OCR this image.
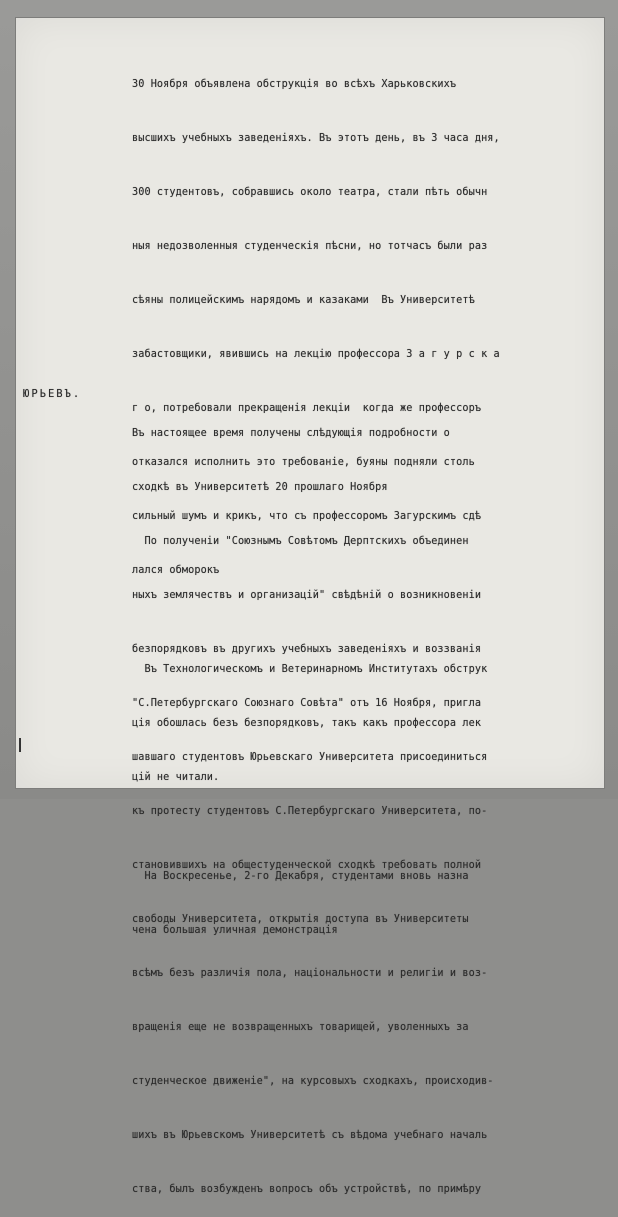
30 Ноября объявлена обструкція во всѣхъ Харьковскихъ

высшихъ учебныхъ заведеніяхъ. Въ этотъ день, въ 3 часа дня,

300 студентовъ, собравшись около театра, стали пѣть обычн

ныя недозволенныя студенческія пѣсни, но тотчасъ были раз

сѣяны полицейскимъ нарядомъ и казаками  Въ Университетѣ

забастовщики, явившись на лекцію профессора З а г у р с к а

г о, потребовали прекращенія лекціи  когда же профессоръ

отказался исполнить это требованіе, буяны подняли столь

сильный шумъ и крикъ, что съ профессоромъ Загурскимъ сдѣ

лался обморокъ

Въ Технологическомъ и Ветеринарномъ Институтахъ обструк

ція обошлась безъ безпорядковъ, такъ какъ профессора лек

цій не читали.

На Воскресенье, 2-го Декабря, студентами вновь назна

чена большая уличная демонстрація

ЮРЬЕВЪ.

Въ настоящее время получены слѣдующія подробности о

сходкѣ въ Университетѣ 20 прошлаго Ноября

По полученіи "Союзнымъ Совѣтомъ Дерптскихъ объединен

ныхъ землячествъ и организацій" свѣдѣній о возникновеніи

безпорядковъ въ другихъ учебныхъ заведеніяхъ и воззванія

"С.Петербургскаго Союзнаго Совѣта" отъ 16 Ноября, пригла

шавшаго студентовъ Юрьевскаго Университета присоединиться

къ протесту студентовъ С.Петербургскаго Университета, по-

становившихъ на общестуденческой сходкѣ требовать полной

свободы Университета, открытія доступа въ Университеты

всѣмъ безъ различія пола, національности и религіи и воз-

вращенія еще не возвращенныхъ товарищей, уволенныхъ за

студенческое движеніе", на курсовыхъ сходкахъ, происходив-

шихъ въ Юрьевскомъ Университетѣ съ вѣдома учебнаго началь

ства, былъ возбужденъ вопросъ объ устройствѣ, по примѣру
